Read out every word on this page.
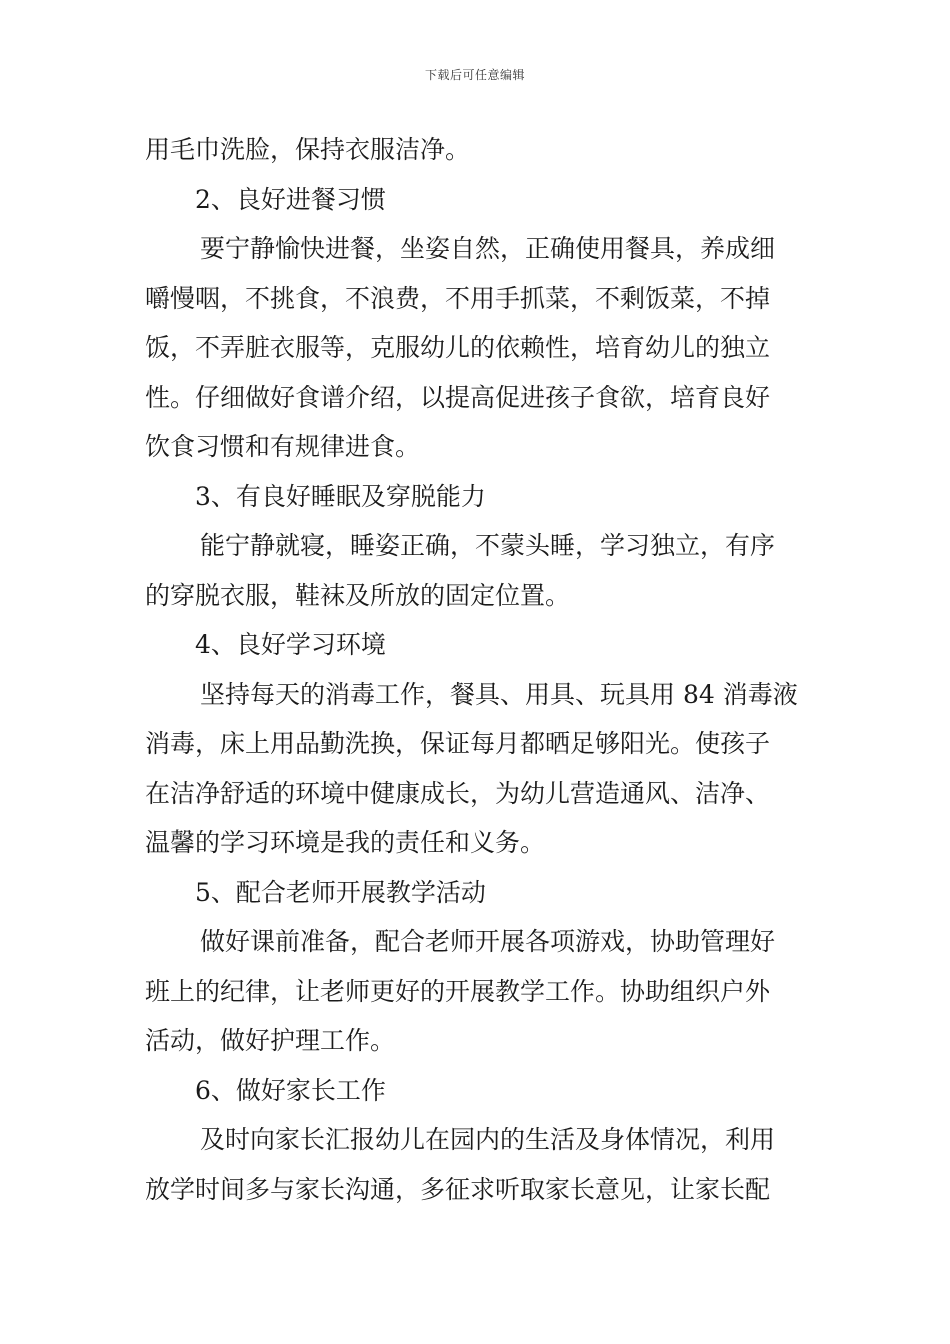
下载后可任意编辑
用毛巾洗脸，保持衣服洁净。
2、良好进餐习惯
要宁静愉快进餐，坐姿自然，正确使用餐具，养成细
嚼慢咽，不挑食，不浪费，不用手抓菜，不剩饭菜，不掉
饭，不弄脏衣服等，克服幼儿的依赖性，培育幼儿的独立
性。仔细做好食谱介绍，以提高促进孩子食欲，培育良好
饮食习惯和有规律进食。
3、有良好睡眠及穿脱能力
能宁静就寝，睡姿正确，不蒙头睡，学习独立，有序
的穿脱衣服，鞋袜及所放的固定位置。
4、良好学习环境
坚持每天的消毒工作，餐具、用具、玩具用 84 消毒液
消毒，床上用品勤洗换，保证每月都晒足够阳光。使孩子
在洁净舒适的环境中健康成长，为幼儿营造通风、洁净、
温馨的学习环境是我的责任和义务。
5、配合老师开展教学活动
做好课前准备，配合老师开展各项游戏，协助管理好
班上的纪律，让老师更好的开展教学工作。协助组织户外
活动，做好护理工作。
6、做好家长工作
及时向家长汇报幼儿在园内的生活及身体情况，利用
放学时间多与家长沟通，多征求听取家长意见，让家长配
